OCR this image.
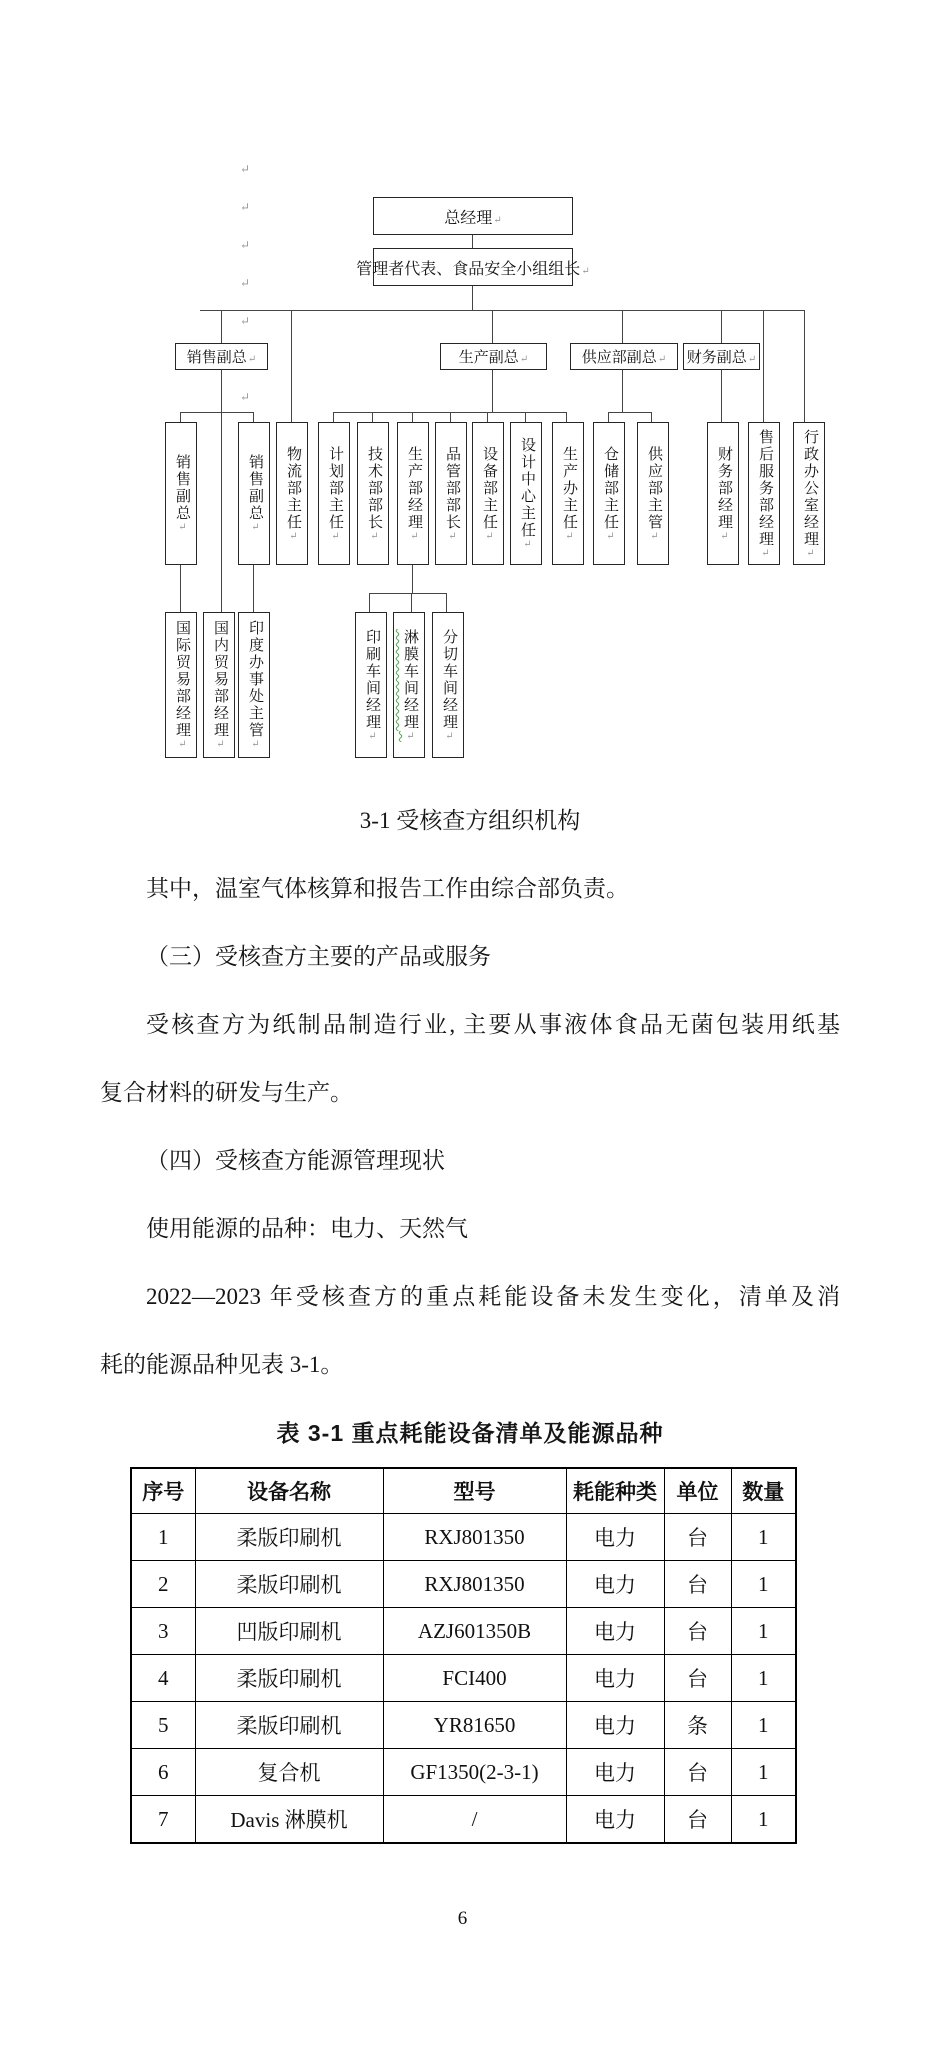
↵
↵
↵
↵
↵
↵
↵
总经理 ↵
管理者代表、食品安全小组组长 ↵
销售副总 ↵	生产副总 ↵	供应部副总 ↵	财务副总 ↵
销售副总 ↵	销售副总 ↵	物流部主任 ↵	计划部主任 ↵	技术部部长 ↵	生产部经理 ↵	品管部部长 ↵	设备部主任 ↵	设计中心主任 ↵	生产办主任 ↵	仓储部主任 ↵	供应部主管 ↵	财务部经理 ↵	售后服务部经理 ↵	行政办公室经理 ↵
国际贸易部经理 ↵	国内贸易部经理 ↵	印度办事处主管 ↵	印刷车间经理 ↵	淋膜车间经理 ↵	分切车间经理 ↵
3-1 受核查方组织机构
其中，温室气体核算和报告工作由综合部负责。
（三）受核查方主要的产品或服务
受核查方为纸制品制造行业, 主要从事液体食品无菌包装用纸基
复合材料的研发与生产。
（四）受核查方能源管理现状
使用能源的品种：电力、天然气
2022—2023 年受核查方的重点耗能设备未发生变化，清单及消
耗的能源品种见表 3-1。
表 3-1 重点耗能设备清单及能源品种
序号	设备名称	型号	耗能种类	单位	数量
1	柔版印刷机	RXJ801350	电力	台	1
2	柔版印刷机	RXJ801350	电力	台	1
3	凹版印刷机	AZJ601350B	电力	台	1
4	柔版印刷机	FCI400	电力	台	1
5	柔版印刷机	YR81650	电力	条	1
6	复合机	GF1350(2-3-1)	电力	台	1
7	Davis 淋膜机	/	电力	台	1
6
